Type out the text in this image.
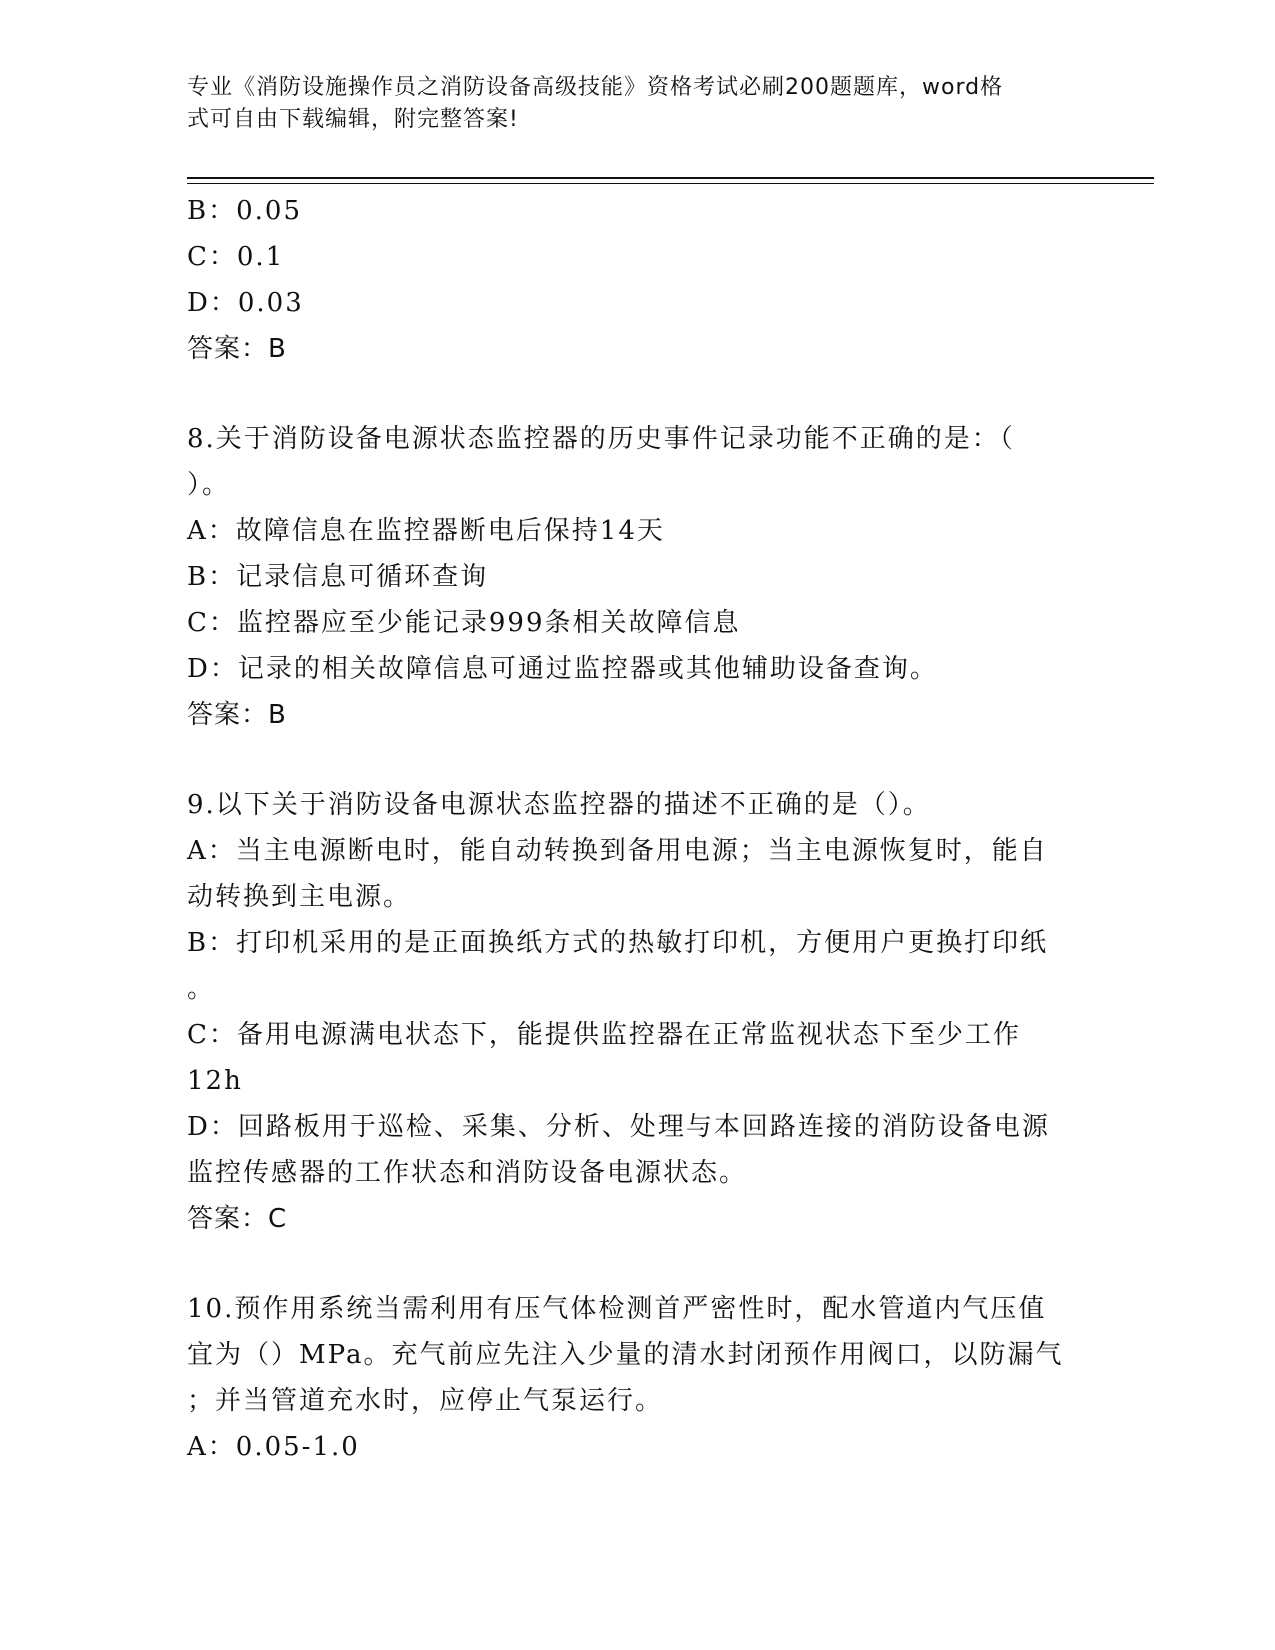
专业《消防设施操作员之消防设备高级技能》资格考试必刷200题题库，word格
式可自由下载编辑，附完整答案!

B：0.05

C：0.1

D：0.03

答案：B

8.关于消防设备电源状态监控器的历史事件记录功能不正确的是：（

）。

A：故障信息在监控器断电后保持14天

B：记录信息可循环查询

C：监控器应至少能记录999条相关故障信息

D：记录的相关故障信息可通过监控器或其他辅助设备查询。

答案：B

9.以下关于消防设备电源状态监控器的描述不正确的是（）。

A：当主电源断电时，能自动转换到备用电源；当主电源恢复时，能自

动转换到主电源。

B：打印机采用的是正面换纸方式的热敏打印机，方便用户更换打印纸

。

C：备用电源满电状态下，能提供监控器在正常监视状态下至少工作

12h

D：回路板用于巡检、采集、分析、处理与本回路连接的消防设备电源

监控传感器的工作状态和消防设备电源状态。

答案：C

10.预作用系统当需利用有压气体检测首严密性时，配水管道内气压值

宜为（）MPa。充气前应先注入少量的清水封闭预作用阀口，以防漏气

；并当管道充水时，应停止气泵运行。

A：0.05-1.0
